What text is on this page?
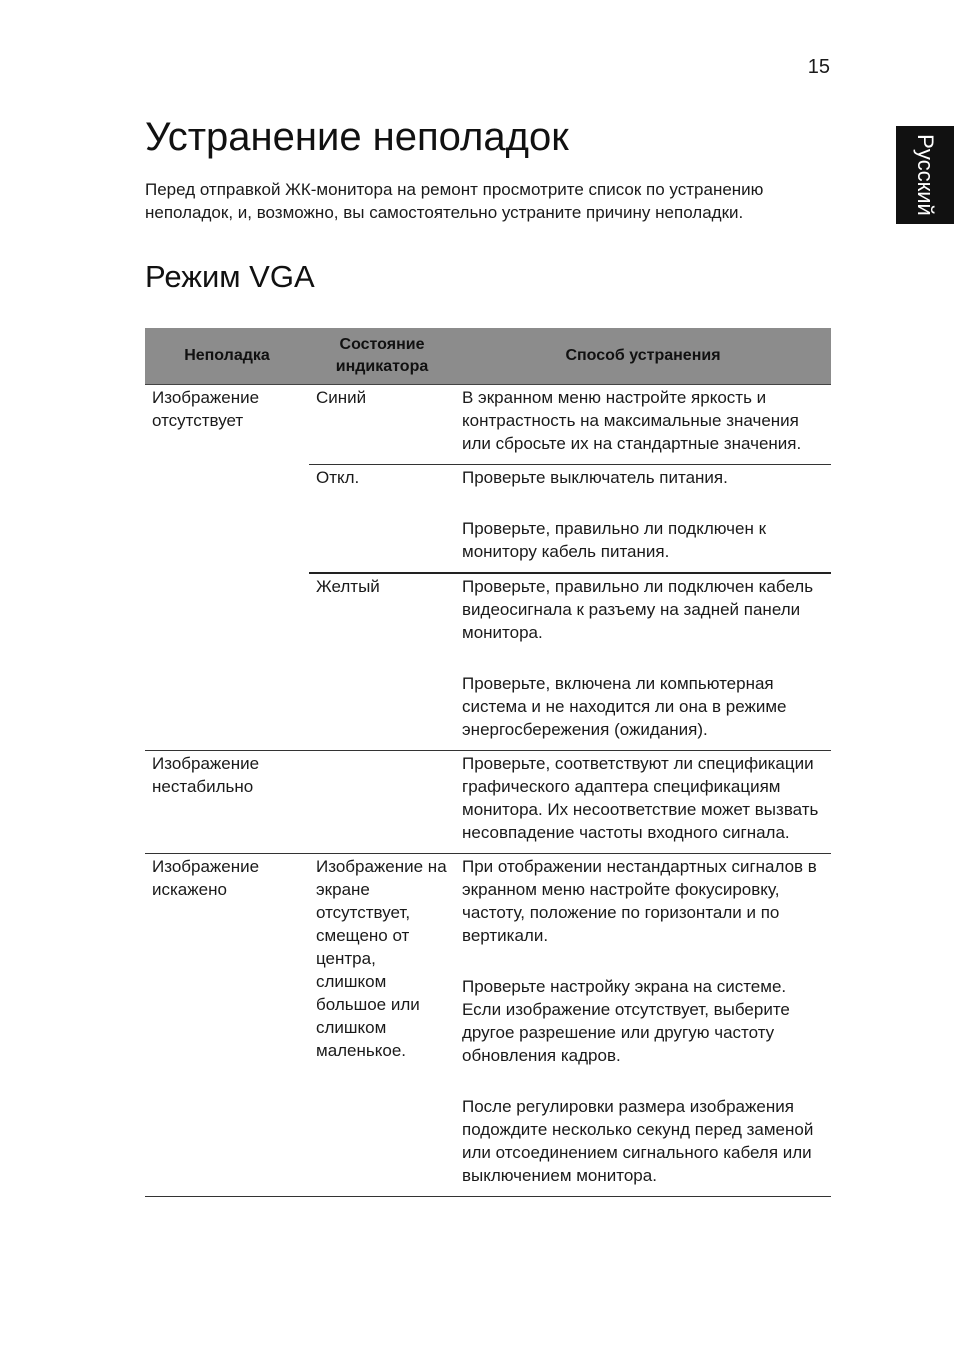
15
Русский
Устранение неполадок

Перед отправкой ЖК-монитора на ремонт просмотрите список по устранению неполадок, и, возможно, вы самостоятельно устраните причину неполадки.

Режим VGA
Неполадка	Состояние индикатора	Способ устранения
Изображение отсутствует	Синий	В экранном меню настройте яркость и контрастность на максимальные значения или сбросьте их на стандартные значения.

	Откл.	Проверьте выключатель питания.
Проверьте, правильно ли подключен к монитору кабель питания.

	Желтый	Проверьте, правильно ли подключен кабель видеосигнала к разъему на задней панели монитора.
Проверьте, включена ли компьютерная система и не находится ли она в режиме энергосбережения (ожидания).

Изображение нестабильно		Проверьте, соответствуют ли спецификации графического адаптера спецификациям монитора. Их несоответствие может вызвать несовпадение частоты входного сигнала.

Изображение искажено	Изображение на экране отсутствует, смещено от центра, слишком большое или слишком маленькое.	При отображении нестандартных сигналов в экранном меню настройте фокусировку, частоту, положение по горизонтали и по вертикали.
Проверьте настройку экрана на системе. Если изображение отсутствует, выберите другое разрешение или другую частоту обновления кадров.
После регулировки размера изображения подождите несколько секунд перед заменой или отсоединением сигнального кабеля или выключением монитора.
